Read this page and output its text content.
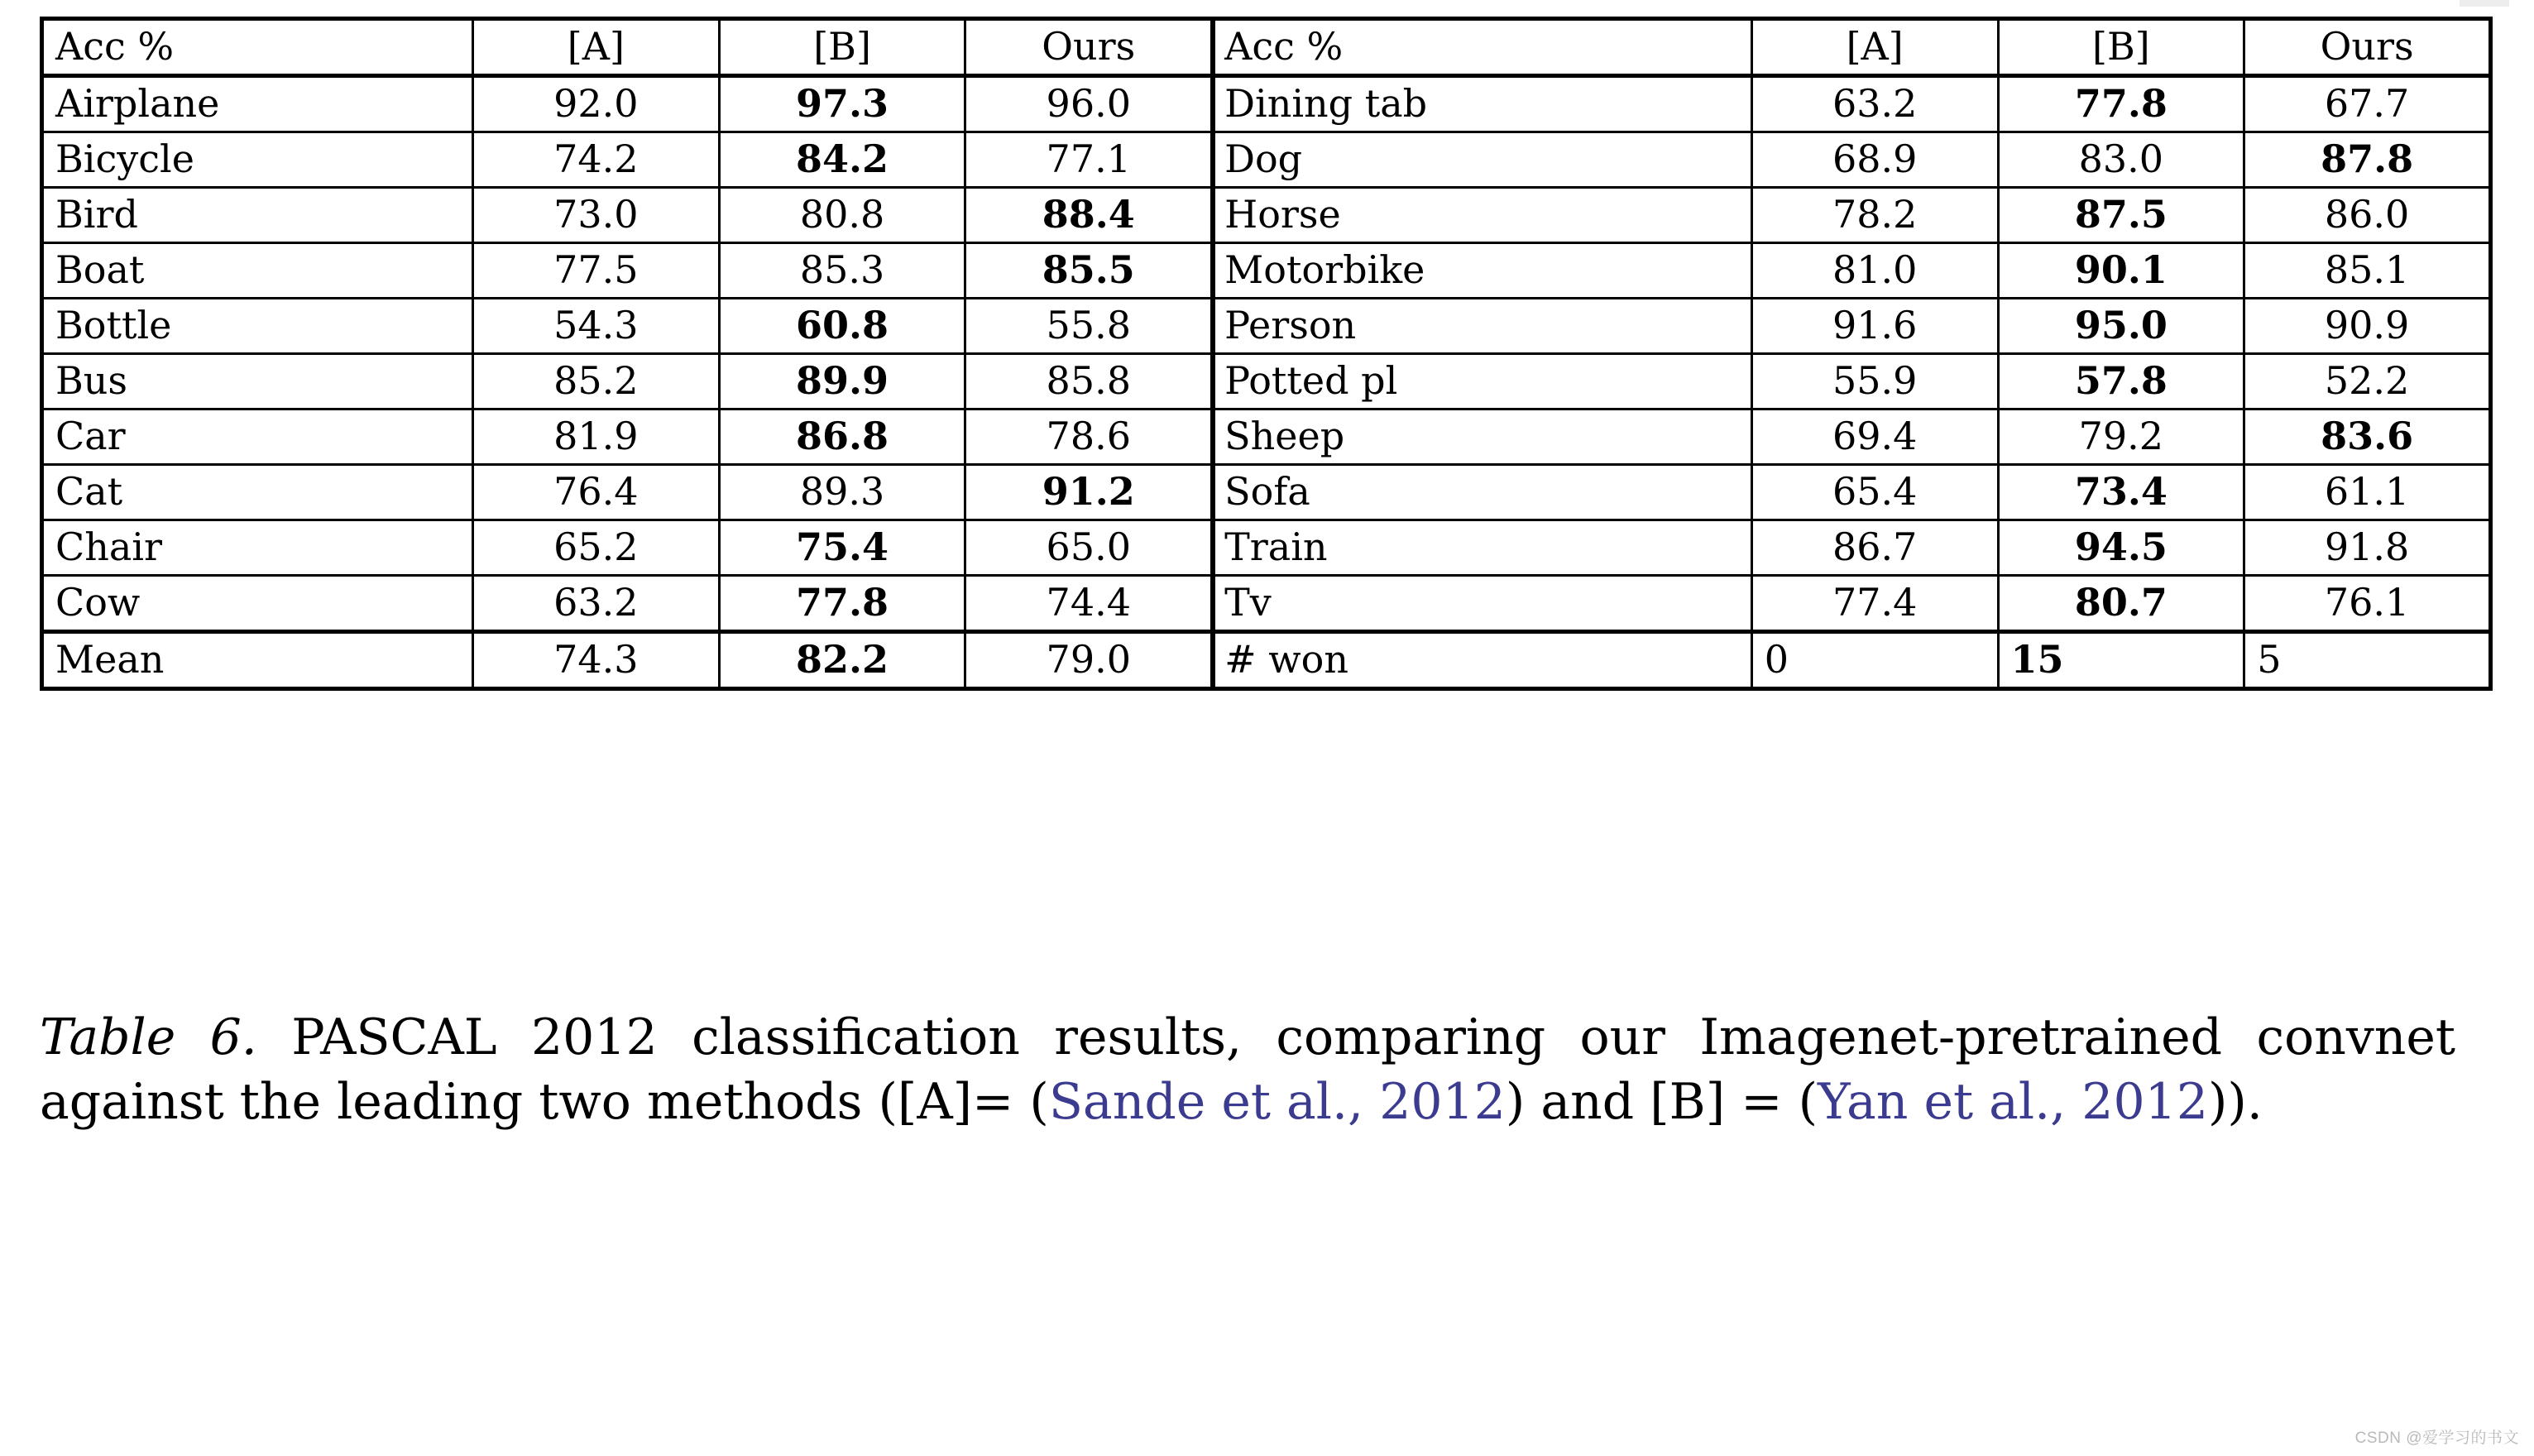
Acc %	[A]	[B]	Ours	Acc %	[A]	[B]	Ours
Airplane	92.0	97.3	96.0	Dining tab	63.2	77.8	67.7
Bicycle	74.2	84.2	77.1	Dog	68.9	83.0	87.8
Bird	73.0	80.8	88.4	Horse	78.2	87.5	86.0
Boat	77.5	85.3	85.5	Motorbike	81.0	90.1	85.1
Bottle	54.3	60.8	55.8	Person	91.6	95.0	90.9
Bus	85.2	89.9	85.8	Potted pl	55.9	57.8	52.2
Car	81.9	86.8	78.6	Sheep	69.4	79.2	83.6
Cat	76.4	89.3	91.2	Sofa	65.4	73.4	61.1
Chair	65.2	75.4	65.0	Train	86.7	94.5	91.8
Cow	63.2	77.8	74.4	Tv	77.4	80.7	76.1
Mean	74.3	82.2	79.0	# won	0	15	5
Table 6. PASCAL 2012 classification results, comparing our Imagenet-pretrained convnet against the leading two methods ([A]= (Sande et al., 2012) and [B] = (Yan et al., 2012)).
CSDN @爱学习的书文
